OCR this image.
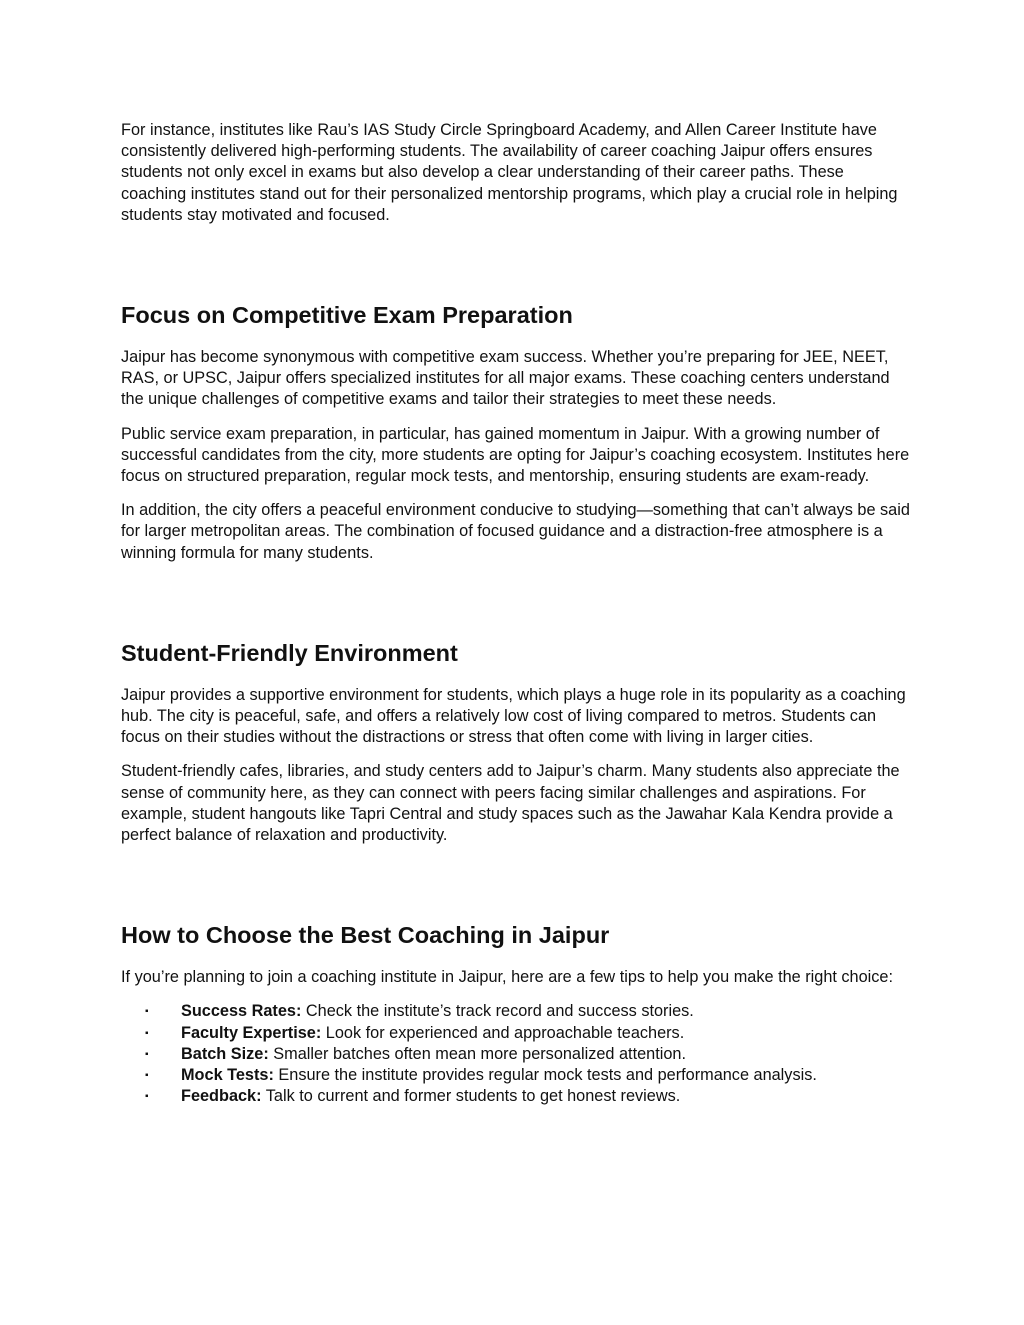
For instance, institutes like Rau’s IAS Study Circle Springboard Academy, and Allen Career Institute have consistently delivered high-performing students. The availability of career coaching Jaipur offers ensures students not only excel in exams but also develop a clear understanding of their career paths. These coaching institutes stand out for their personalized mentorship programs, which play a crucial role in helping students stay motivated and focused.

Focus on Competitive Exam Preparation

Jaipur has become synonymous with competitive exam success. Whether you’re preparing for JEE, NEET, RAS, or UPSC, Jaipur offers specialized institutes for all major exams. These coaching centers understand the unique challenges of competitive exams and tailor their strategies to meet these needs.

Public service exam preparation, in particular, has gained momentum in Jaipur. With a growing number of successful candidates from the city, more students are opting for Jaipur’s coaching ecosystem. Institutes here focus on structured preparation, regular mock tests, and mentorship, ensuring students are exam-ready.

In addition, the city offers a peaceful environment conducive to studying—something that can’t always be said for larger metropolitan areas. The combination of focused guidance and a distraction-free atmosphere is a winning formula for many students.

Student-Friendly Environment

Jaipur provides a supportive environment for students, which plays a huge role in its popularity as a coaching hub. The city is peaceful, safe, and offers a relatively low cost of living compared to metros. Students can focus on their studies without the distractions or stress that often come with living in larger cities.

Student-friendly cafes, libraries, and study centers add to Jaipur’s charm. Many students also appreciate the sense of community here, as they can connect with peers facing similar challenges and aspirations. For example, student hangouts like Tapri Central and study spaces such as the Jawahar Kala Kendra provide a perfect balance of relaxation and productivity.

How to Choose the Best Coaching in Jaipur

If you’re planning to join a coaching institute in Jaipur, here are a few tips to help you make the right choice:

▪ Success Rates: Check the institute’s track record and success stories.
▪ Faculty Expertise: Look for experienced and approachable teachers.
▪ Batch Size: Smaller batches often mean more personalized attention.
▪ Mock Tests: Ensure the institute provides regular mock tests and performance analysis.
▪ Feedback: Talk to current and former students to get honest reviews.
